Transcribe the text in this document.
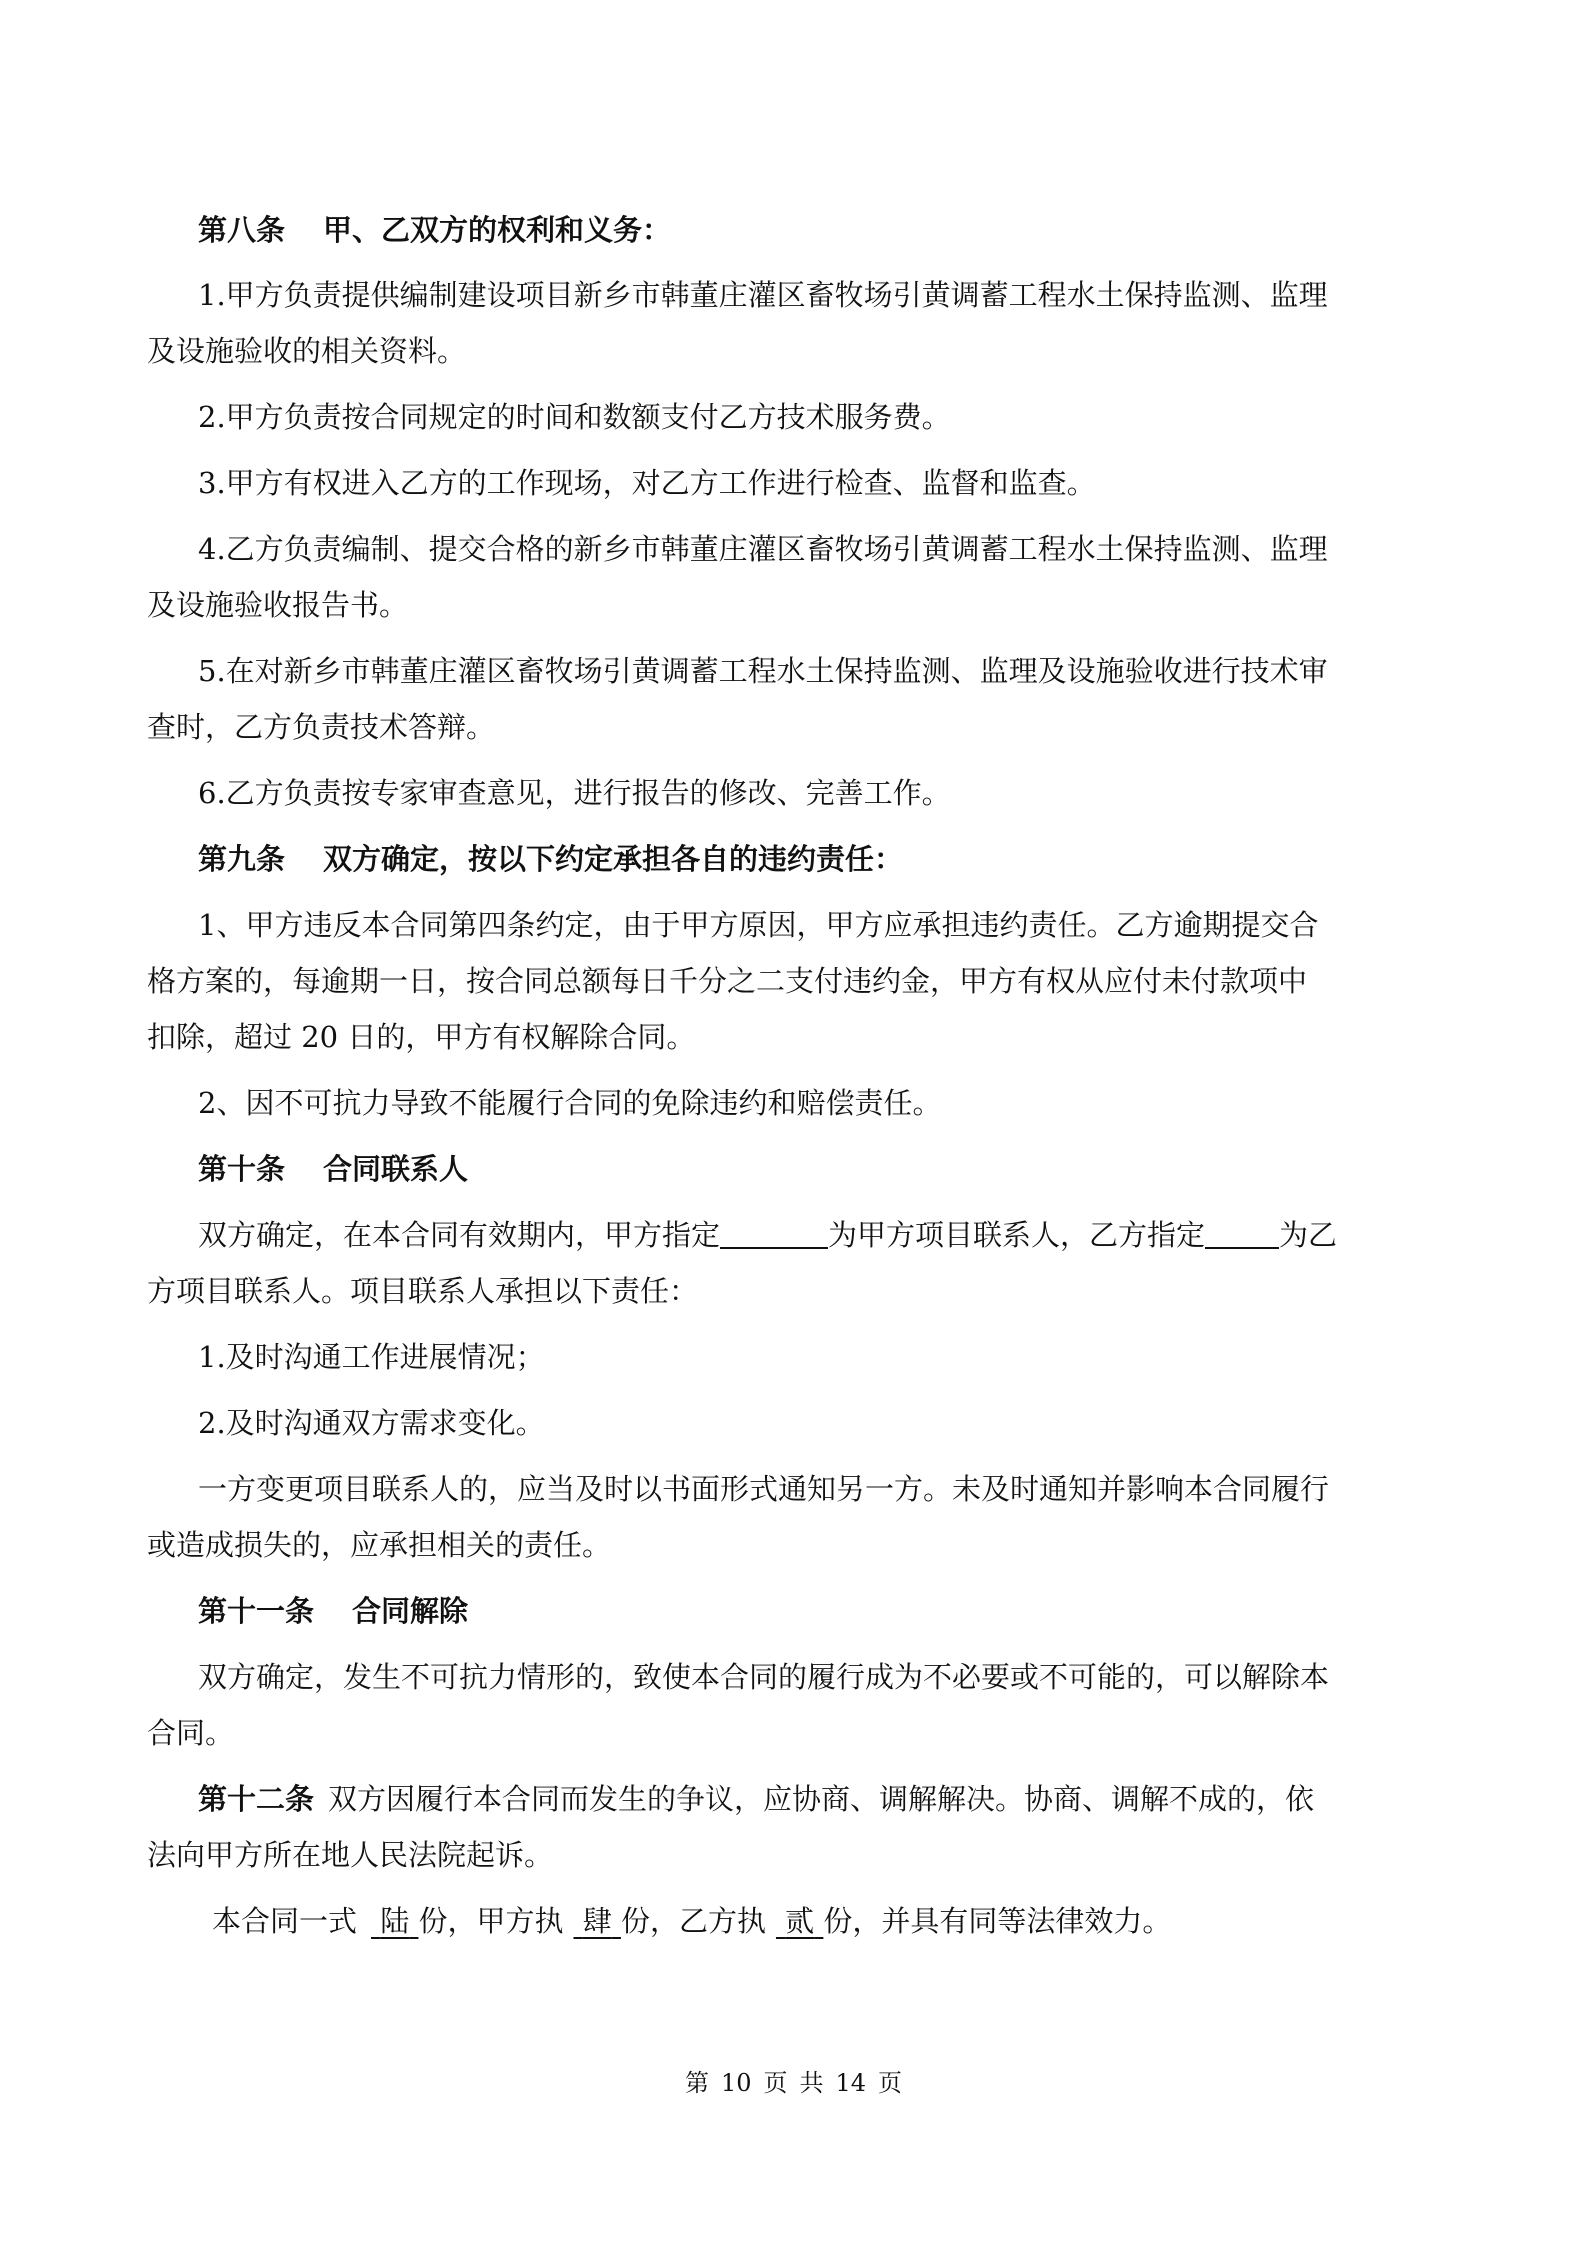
第八条 甲、乙双方的权利和义务：
1.甲方负责提供编制建设项目新乡市韩董庄灌区畜牧场引黄调蓄工程水土保持监测、监理
及设施验收的相关资料。
2.甲方负责按合同规定的时间和数额支付乙方技术服务费。
3.甲方有权进入乙方的工作现场，对乙方工作进行检查、监督和监查。
4.乙方负责编制、提交合格的新乡市韩董庄灌区畜牧场引黄调蓄工程水土保持监测、监理
及设施验收报告书。
5.在对新乡市韩董庄灌区畜牧场引黄调蓄工程水土保持监测、监理及设施验收进行技术审
查时，乙方负责技术答辩。
6.乙方负责按专家审查意见，进行报告的修改、完善工作。
第九条 双方确定，按以下约定承担各自的违约责任：
1、甲方违反本合同第四条约定，由于甲方原因，甲方应承担违约责任。乙方逾期提交合
格方案的，每逾期一日，按合同总额每日千分之二支付违约金，甲方有权从应付未付款项中
扣除，超过 20 日的，甲方有权解除合同。
2、因不可抗力导致不能履行合同的免除违约和赔偿责任。
第十条 合同联系人
双方确定，在本合同有效期内，甲方指定	为甲方项目联系人，乙方指定	为乙
方项目联系人。项目联系人承担以下责任：
1.及时沟通工作进展情况；
2.及时沟通双方需求变化。
一方变更项目联系人的，应当及时以书面形式通知另一方。未及时通知并影响本合同履行
或造成损失的，应承担相关的责任。
第十一条 合同解除
双方确定，发生不可抗力情形的，致使本合同的履行成为不必要或不可能的，可以解除本
合同。
第十二条 双方因履行本合同而发生的争议，应协商、调解解决。协商、调解不成的，依
法向甲方所在地人民法院起诉。
本合同一式 陆 份，甲方执 肆 份，乙方执 贰 份，并具有同等法律效力。
第 10 页 共 14 页
